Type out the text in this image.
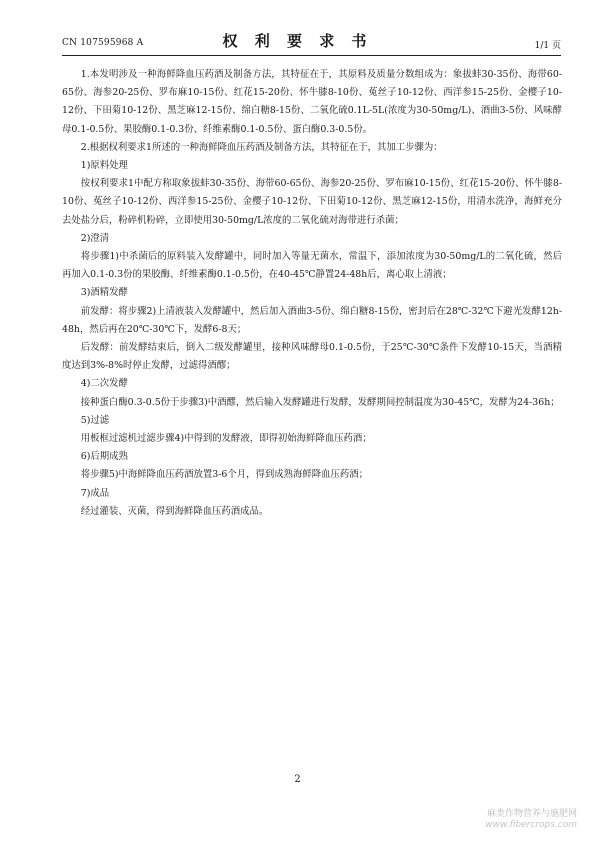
CN 107595968 A	权 利 要 求 书	1/1 页

1.本发明涉及一种海鲜降血压药酒及制备方法，其特征在于，其原料及质量分数组成为：象拔蚌30-35份、海带60-65份、海参20-25份、罗布麻10-15份、红花15-20份、怀牛膝8-10份、菟丝子10-12份、西洋参15-25份、金樱子10-12份、下田菊10-12份、黑芝麻12-15份、绵白糖8-15份、二氧化硫0.1L-5L(浓度为30-50mg/L)、酒曲3-5份、风味酵母0.1-0.5份、果胶酶0.1-0.3份、纤维素酶0.1-0.5份、蛋白酶0.3-0.5份。

2.根据权利要求1所述的一种海鲜降血压药酒及制备方法，其特征在于，其加工步骤为：

1)原料处理

按权利要求1中配方称取象拔蚌30-35份、海带60-65份、海参20-25份、罗布麻10-15份、红花15-20份、怀牛膝8-10份、菟丝子10-12份、西洋参15-25份、金樱子10-12份、下田菊10-12份、黑芝麻12-15份，用清水洗净，海鲜充分去处盐分后，粉碎机粉碎，立即使用30-50mg/L浓度的二氧化硫对海带进行杀菌；

2)澄清

将步骤1)中杀菌后的原料装入发酵罐中，同时加入等量无菌水，常温下，添加浓度为30-50mg/L的二氧化硫，然后再加入0.1-0.3份的果胶酶、纤维素酶0.1-0.5份，在40-45℃静置24-48h后，离心取上清液；

3)酒精发酵

前发酵：将步骤2)上清液装入发酵罐中，然后加入酒曲3-5份、绵白糖8-15份，密封后在28℃-32℃下避光发酵12h-48h，然后再在20℃-30℃下，发酵6-8天；

后发酵：前发酵结束后，倒入二级发酵罐里，接种风味酵母0.1-0.5份，于25℃-30℃条件下发酵10-15天，当酒精度达到3%-8%时停止发酵，过滤得酒醪；

4)二次发酵

接种蛋白酶0.3-0.5份于步骤3)中酒醪，然后输入发酵罐进行发酵，发酵期间控制温度为30-45℃，发酵为24-36h；

5)过滤

用板框过滤机过滤步骤4)中得到的发酵液，即得初始海鲜降血压药酒；

6)后期成熟

将步骤5)中海鲜降血压药酒放置3-6个月，得到成熟海鲜降血压药酒；

7)成品

经过灌装、灭菌，得到海鲜降血压药酒成品。

2
麻类作物营养与施肥网
www.fibercrops.com
